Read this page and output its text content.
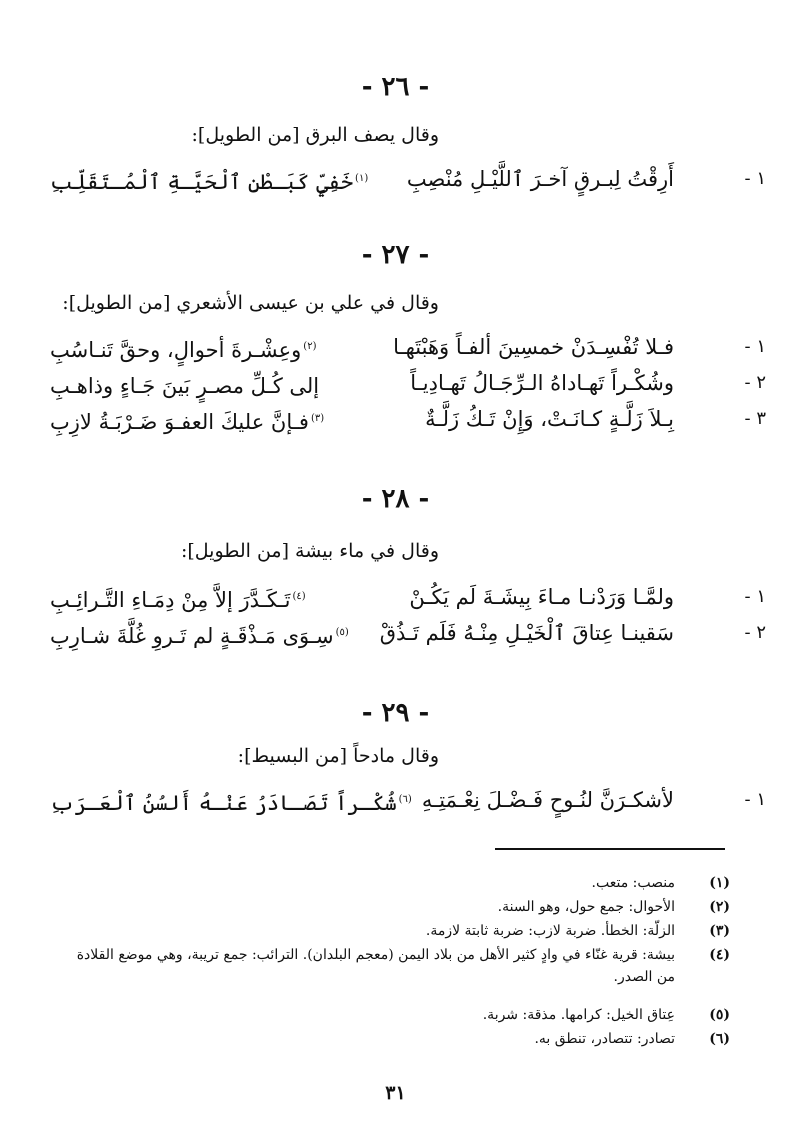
- ٢٦ -
وقال يصف البرق [من الطويل]:
١ -
أَرِقْتُ لِبـرقٍ آخـرَ ٱللَّيْـلِ مُنْصِبِ
$^{(١)}$خَفِيٍّ كَبَـطْنِ ٱلْحَيَّـةِ ٱلْمُـتَقَلِّبِ
- ٢٧ -
وقال في علي بن عيسى الأشعري [من الطويل]:
١ -
فـلا تُفْسِـدَنْ خمسِينَ ألفـاً وَهَبْتَهـا
$^{(٢)}$وعِشْـرةَ أحوالٍ، وحقَّ تَنـاسُبِ
٢ -
وشُكْـراً تَهـاداهُ الـرِّجَـالُ تَهـادِيـاً
إلى كُـلِّ مصـرٍ بَينَ جَـاءٍ وذاهـبِ
٣ -
بِـلاَ زَلَّـةٍ كـانَـتْ، وَإِنْ تَـكُ زَلَّـةٌ
$^{(٣)}$فـإنَّ عليكَ العفـوَ ضَـرْبَـةُ لازِبِ
- ٢٨ -
وقال في ماء بيشة [من الطويل]:
١ -
ولمَّـا وَرَدْنـا مـاءَ بِيشَـةَ لَم يَكُـنْ
$^{(٤)}$تَـكَـدَّرَ إلاَّ مِنْ دِمَـاءِ التَّـرائِـبِ
٢ -
سَقينـا عِتاقَ ٱلْخَيْـلِ مِنْـهُ فَلَم تَـذُقْ
$^{(٥)}$سِـوَى مَـذْقَـةٍ لم تَـروِ غُلَّةَ شـارِبِ
- ٢٩ -
وقال مادحاً [من البسيط]:
١ -
لأشكـرَنَّ لنُـوحٍ فَـضْـلَ نِعْـمَتِـهِ
$^{(٦)}$شُكْـراً تَصَـادَرُ عَنْـهُ أَلسُنُ ٱلْعَـرَبِ
(١)
منصب: متعب.
(٢)
الأحوال: جمع حول، وهو السنة.
(٣)
الزلّة: الخطأ. ضربة لازب: ضربة ثابتة لازمة.
(٤)
بيشة: قرية غنّاء في وادٍ كثير الأهل من بلاد اليمن (معجم البلدان). الترائب: جمع تريبة، وهي موضع القلادة من الصدر.
(٥)
عِتاق الخيل: كرامها. مذقة: شربة.
(٦)
تصادر: تتصادر، تنطق به.
٣١
